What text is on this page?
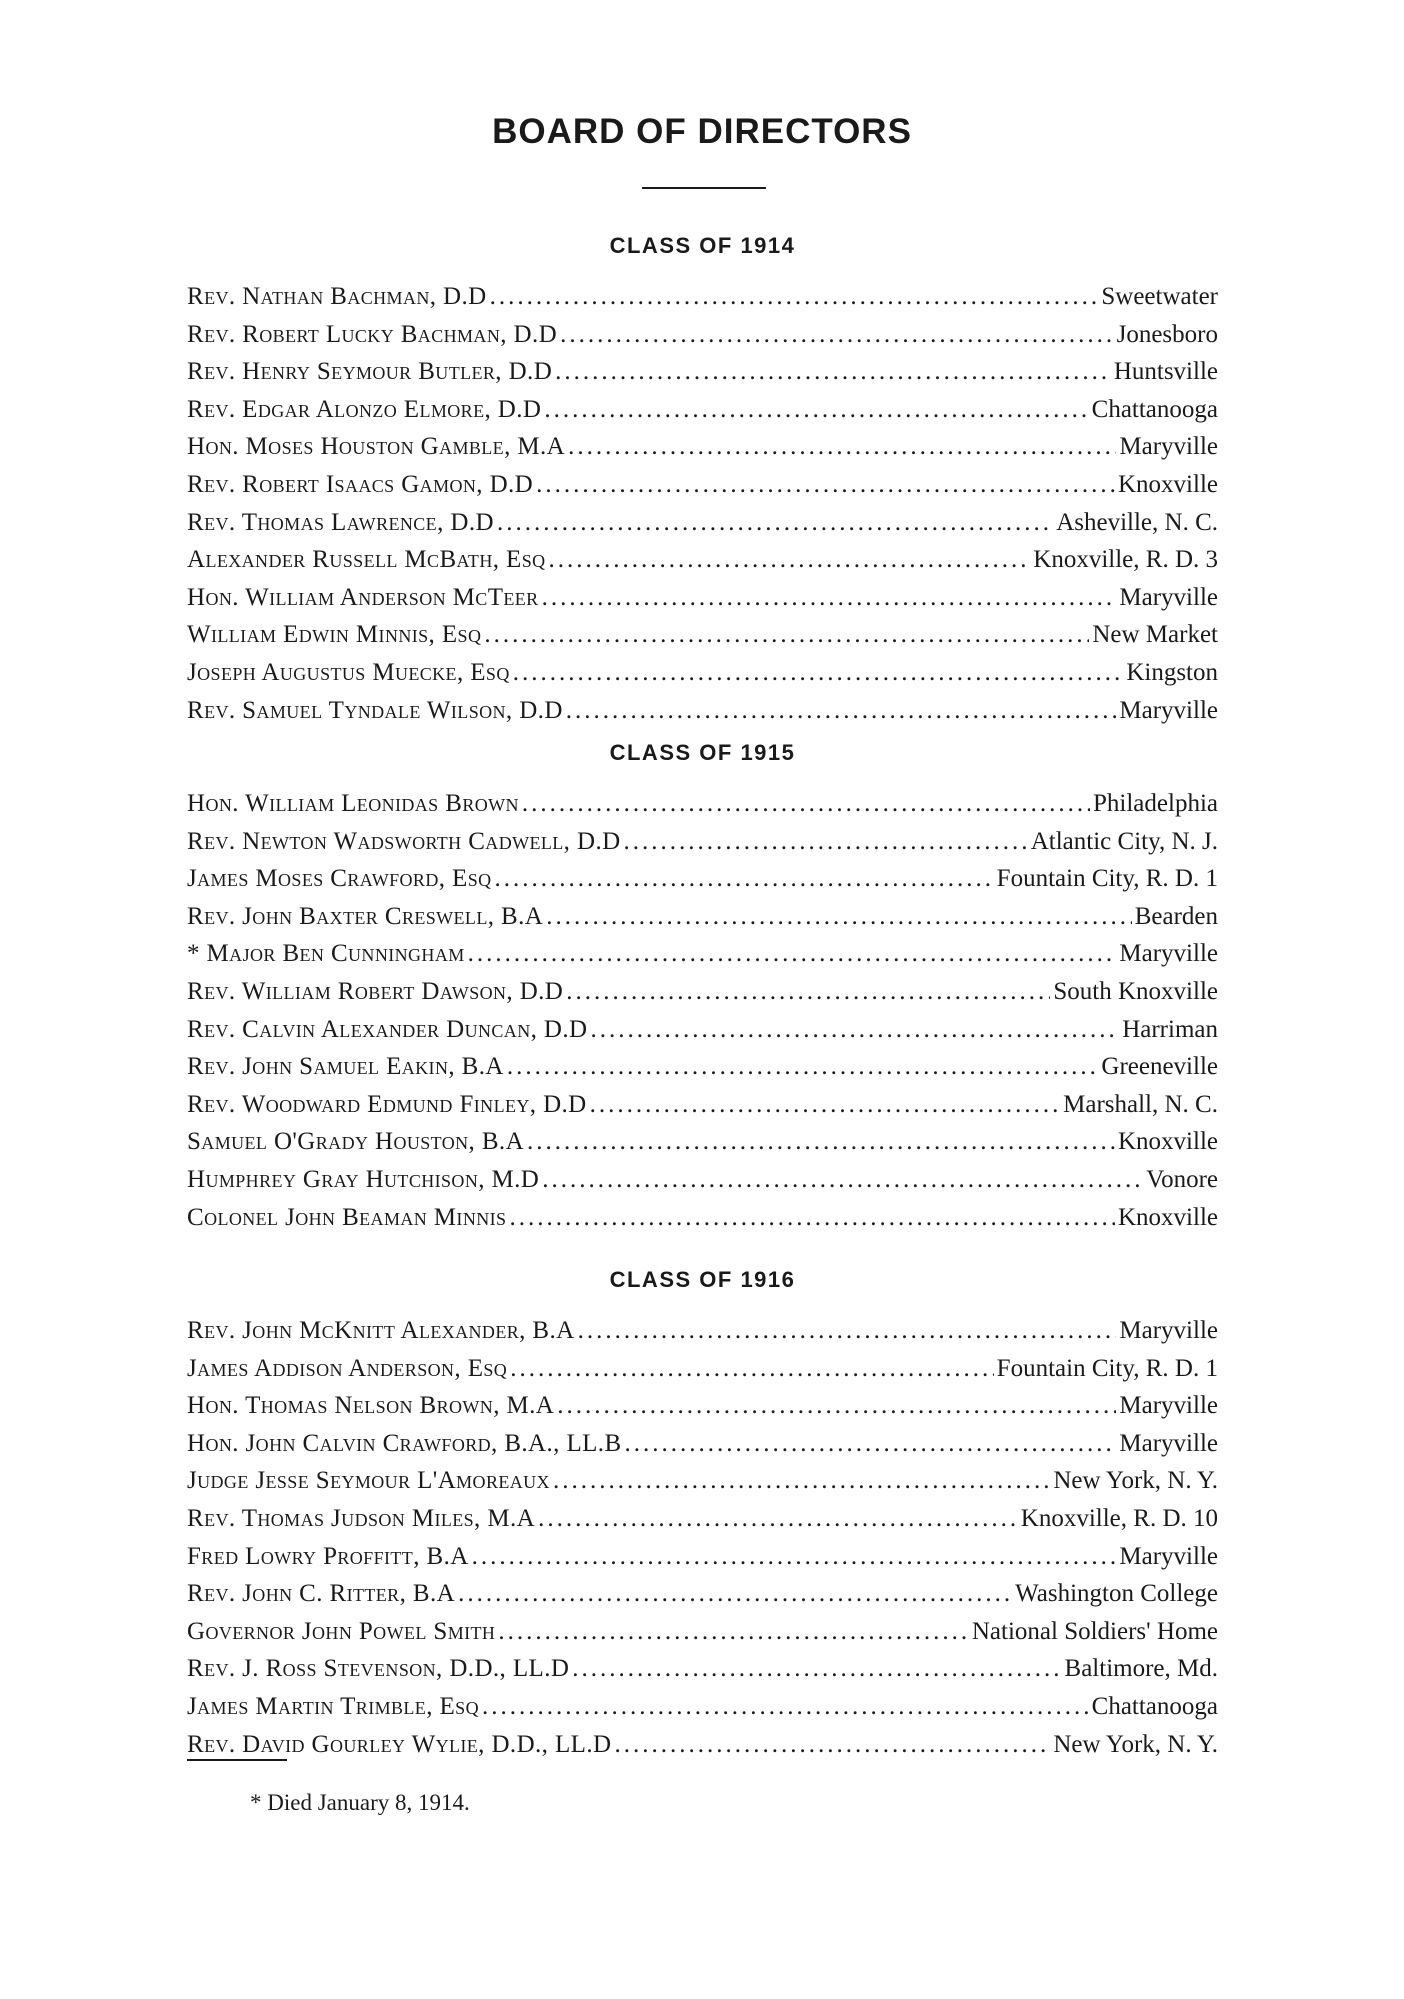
BOARD OF DIRECTORS
CLASS OF 1914
Rev. Nathan Bachman, D.D .....	Sweetwater
Rev. Robert Lucky Bachman, D.D .....	Jonesboro
Rev. Henry Seymour Butler, D.D .....	Huntsville
Rev. Edgar Alonzo Elmore, D.D .....	Chattanooga
Hon. Moses Houston Gamble, M.A .....	Maryville
Rev. Robert Isaacs Gamon, D.D .....	Knoxville
Rev. Thomas Lawrence, D.D .....	Asheville, N. C.
Alexander Russell McBath, Esq .....	Knoxville, R. D. 3
Hon. William Anderson McTeer .....	Maryville
William Edwin Minnis, Esq .....	New Market
Joseph Augustus Muecke, Esq .....	Kingston
Rev. Samuel Tyndale Wilson, D.D .....	Maryville
CLASS OF 1915
Hon. William Leonidas Brown .....	Philadelphia
Rev. Newton Wadsworth Cadwell, D.D .....	Atlantic City, N. J.
James Moses Crawford, Esq .....	Fountain City, R. D. 1
Rev. John Baxter Creswell, B.A .....	Bearden
* Major Ben Cunningham .....	Maryville
Rev. William Robert Dawson, D.D .....	South Knoxville
Rev. Calvin Alexander Duncan, D.D .....	Harriman
Rev. John Samuel Eakin, B.A .....	Greeneville
Rev. Woodward Edmund Finley, D.D .....	Marshall, N. C.
Samuel O'Grady Houston, B.A .....	Knoxville
Humphrey Gray Hutchison, M.D .....	Vonore
Colonel John Beaman Minnis .....	Knoxville
CLASS OF 1916
Rev. John McKnitt Alexander, B.A .....	Maryville
James Addison Anderson, Esq .....	Fountain City, R. D. 1
Hon. Thomas Nelson Brown, M.A .....	Maryville
Hon. John Calvin Crawford, B.A., LL.B .....	Maryville
Judge Jesse Seymour L'Amoreaux .....	New York, N. Y.
Rev. Thomas Judson Miles, M.A .....	Knoxville, R. D. 10
Fred Lowry Proffitt, B.A .....	Maryville
Rev. John C. Ritter, B.A .....	Washington College
Governor John Powel Smith .....	National Soldiers' Home
Rev. J. Ross Stevenson, D.D., LL.D .....	Baltimore, Md.
James Martin Trimble, Esq .....	Chattanooga
Rev. David Gourley Wylie, D.D., LL.D .....	New York, N. Y.

* Died January 8, 1914.
